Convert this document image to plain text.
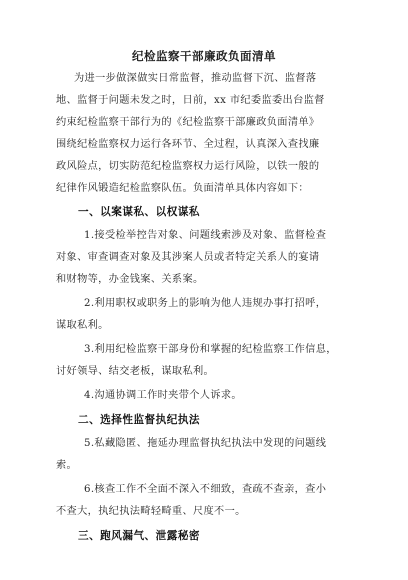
纪检监察干部廉政负面清单
为进一步做深做实日常监督，推动监督下沉、监督落
地、监督于问题未发之时，日前，xx 市纪委监委出台监督
约束纪检监察干部行为的《纪检监察干部廉政负面清单》
围绕纪检监察权力运行各环节、全过程，认真深入查找廉
政风险点，切实防范纪检监察权力运行风险，以铁一般的
纪律作风锻造纪检监察队伍。负面清单具体内容如下：
一、以案谋私、以权谋私
1.接受检举控告对象、问题线索涉及对象、监督检查
对象、审查调查对象及其涉案人员或者特定关系人的宴请
和财物等，办金钱案、关系案。
2.利用职权或职务上的影响为他人违规办事打招呼，
谋取私利。
3.利用纪检监察干部身份和掌握的纪检监察工作信息，
讨好领导、结交老板，谋取私利。
4.沟通协调工作时夹带个人诉求。
二、选择性监督执纪执法
5.私藏隐匿、拖延办理监督执纪执法中发现的问题线
索。
6.核查工作不全面不深入不细致，查疏不查亲，查小
不查大，执纪执法畸轻畸重、尺度不一。
三、跑风漏气、泄露秘密
